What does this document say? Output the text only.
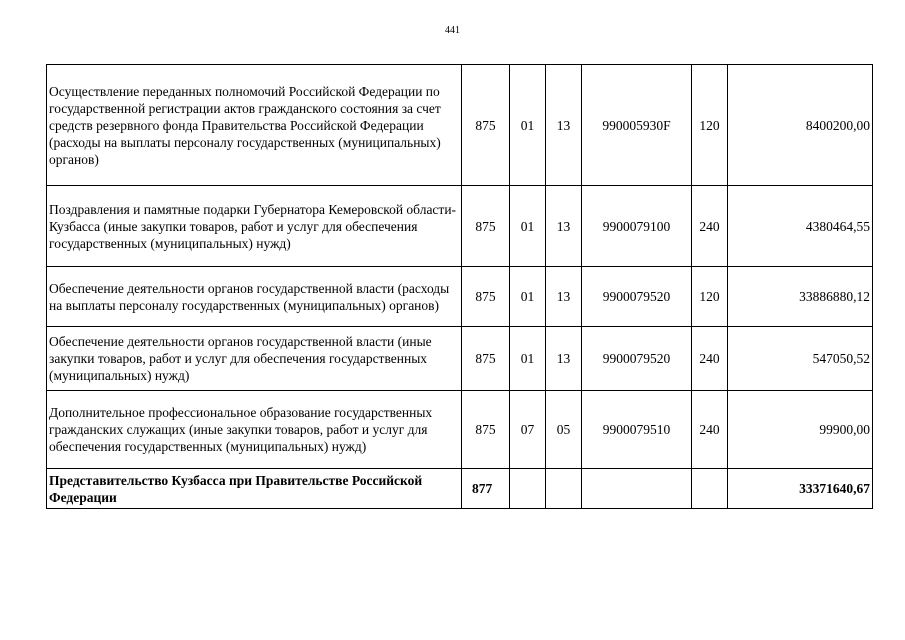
441
Осуществление переданных полномочий Российской Федерации по государственной регистрации актов гражданского состояния за счет средств резервного фонда Правительства Российской Федерации (расходы на выплаты персоналу государственных (муниципальных) органов)	875	01	13	990005930F	120	8400200,00
Поздравления и памятные подарки Губернатора Кемеровской области-Кузбасса (иные закупки товаров, работ и услуг для обеспечения государственных (муниципальных) нужд)	875	01	13	9900079100	240	4380464,55
Обеспечение деятельности органов государственной власти (расходы на выплаты персоналу государственных (муниципальных) органов)	875	01	13	9900079520	120	33886880,12
Обеспечение деятельности органов государственной власти (иные закупки товаров, работ и услуг для обеспечения государственных (муниципальных) нужд)	875	01	13	9900079520	240	547050,52
Дополнительное профессиональное образование государственных гражданских служащих (иные закупки товаров, работ и услуг для обеспечения государственных (муниципальных) нужд)	875	07	05	9900079510	240	99900,00
Представительство Кузбасса при Правительстве Российской Федерации	877					33371640,67
